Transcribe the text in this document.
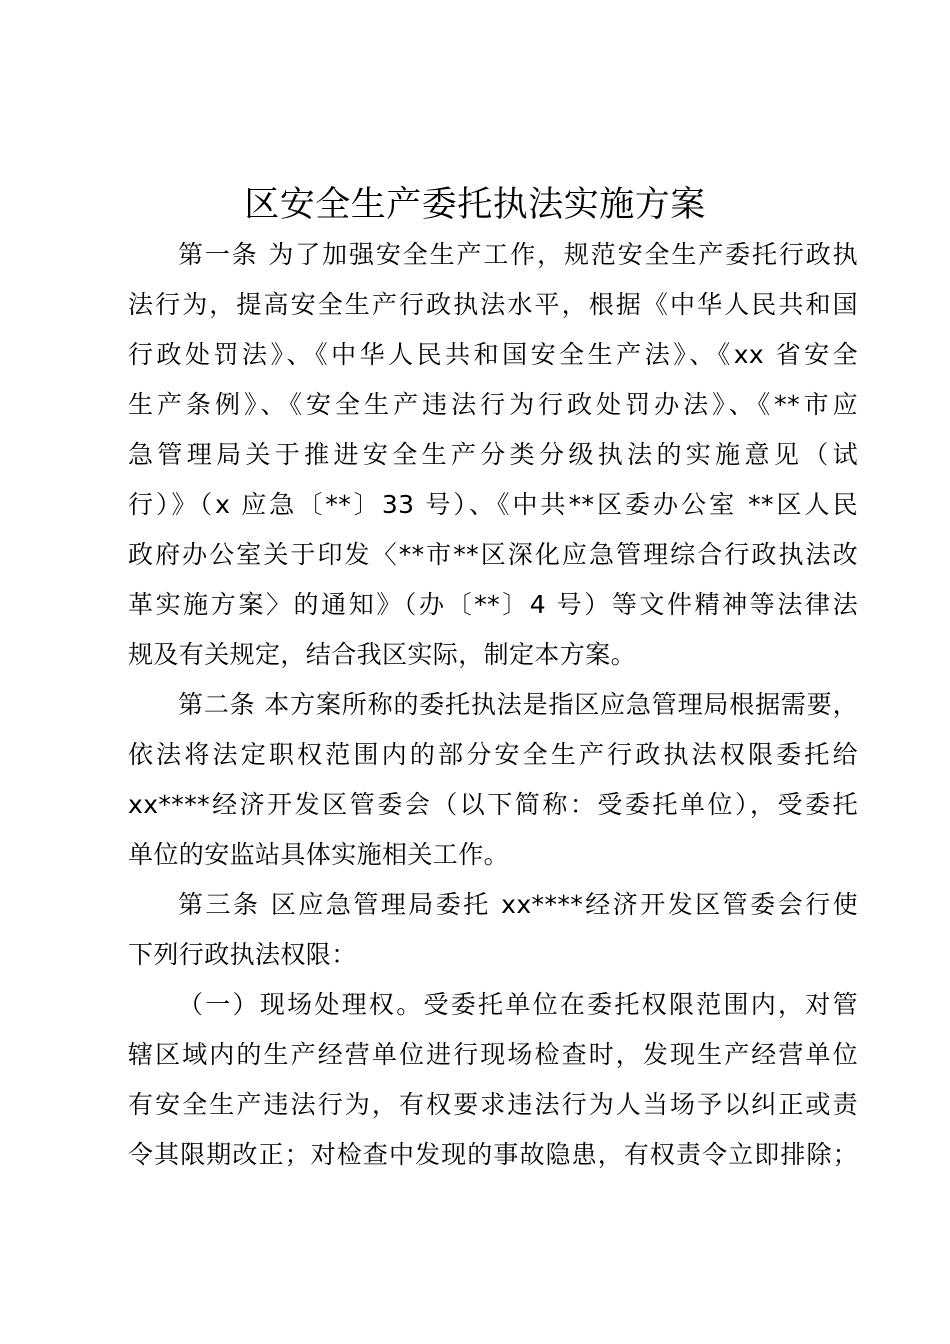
区安全生产委托执法实施方案

第一条 为了加强安全生产工作，规范安全生产委托行政执
法行为，提高安全生产行政执法水平，根据《中华人民共和国
行政处罚法》、《中华人民共和国安全生产法》、《xx 省安全
生产条例》、《安全生产违法行为行政处罚办法》、《**市应
急管理局关于推进安全生产分类分级执法的实施意见（试
行）》（x 应急〔**〕33 号）、《中共**区委办公室 **区人民
政府办公室关于印发〈**市**区深化应急管理综合行政执法改
革实施方案〉的通知》（办〔**〕4 号）等文件精神等法律法
规及有关规定，结合我区实际，制定本方案。

第二条 本方案所称的委托执法是指区应急管理局根据需要，
依法将法定职权范围内的部分安全生产行政执法权限委托给
xx****经济开发区管委会（以下简称：受委托单位），受委托
单位的安监站具体实施相关工作。

第三条 区应急管理局委托 xx****经济开发区管委会行使
下列行政执法权限：

（一）现场处理权。受委托单位在委托权限范围内，对管
辖区域内的生产经营单位进行现场检查时，发现生产经营单位
有安全生产违法行为，有权要求违法行为人当场予以纠正或责
令其限期改正；对检查中发现的事故隐患，有权责令立即排除；
